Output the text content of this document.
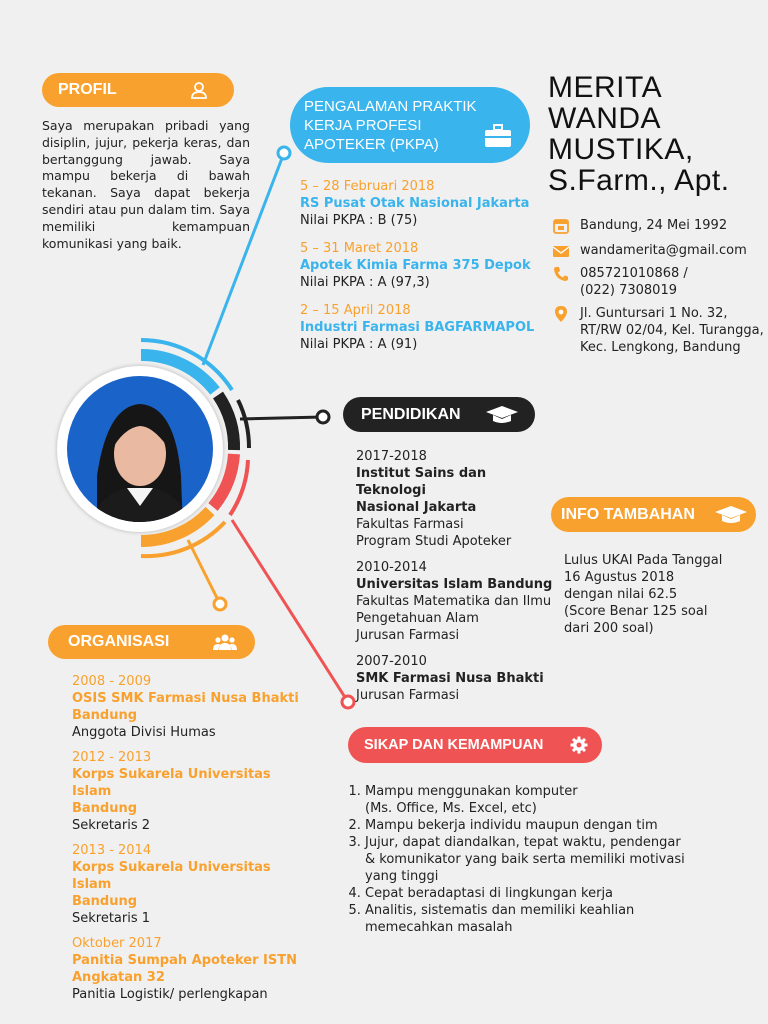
PROFIL
Saya merupakan pribadi yang disiplin, jujur, pekerja keras, dan bertanggung jawab. Saya mampu bekerja di bawah tekanan. Saya dapat bekerja sendiri atau pun dalam tim. Saya memiliki kemampuan komunikasi yang baik.
PENGALAMAN PRAKTIK
KERJA PROFESI
APOTEKER (PKPA)
5 – 28 Februari 2018
RS Pusat Otak Nasional Jakarta
Nilai PKPA : B (75)
5 – 31 Maret 2018
Apotek Kimia Farma 375 Depok
Nilai PKPA : A (97,3)
2 – 15 April 2018
Industri Farmasi BAGFARMAPOL
Nilai PKPA : A (91)
MERITA
WANDA
MUSTIKA,
S.Farm., Apt.
Bandung, 24 Mei 1992
wandamerita@gmail.com
085721010868 /
(022) 7308019
Jl. Guntursari 1 No. 32,
RT/RW 02/04, Kel. Turangga,
Kec. Lengkong, Bandung
PENDIDIKAN
2017-2018
Institut Sains dan Teknologi
Nasional Jakarta
Fakultas Farmasi
Program Studi Apoteker
2010-2014
Universitas Islam Bandung
Fakultas Matematika dan Ilmu
Pengetahuan Alam
Jurusan Farmasi
2007-2010
SMK Farmasi Nusa Bhakti
Jurusan Farmasi
INFO TAMBAHAN
Lulus UKAI Pada Tanggal
16 Agustus 2018
dengan nilai 62.5
(Score Benar 125 soal
dari 200 soal)
ORGANISASI
2008 - 2009
OSIS SMK Farmasi Nusa Bhakti
Bandung
Anggota Divisi Humas
2012 - 2013
Korps Sukarela Universitas Islam
Bandung
Sekretaris 2
2013 - 2014
Korps Sukarela Universitas Islam
Bandung
Sekretaris 1
Oktober 2017
Panitia Sumpah Apoteker ISTN
Angkatan 32
Panitia Logistik/ perlengkapan
SIKAP DAN KEMAMPUAN
1. Mampu menggunakan komputer
(Ms. Office, Ms. Excel, etc)
2. Mampu bekerja individu maupun dengan tim
3. Jujur, dapat diandalkan, tepat waktu, pendengar
& komunikator yang baik serta memiliki motivasi
yang tinggi
4. Cepat beradaptasi di lingkungan kerja
5. Analitis, sistematis dan memiliki keahlian
memecahkan masalah
